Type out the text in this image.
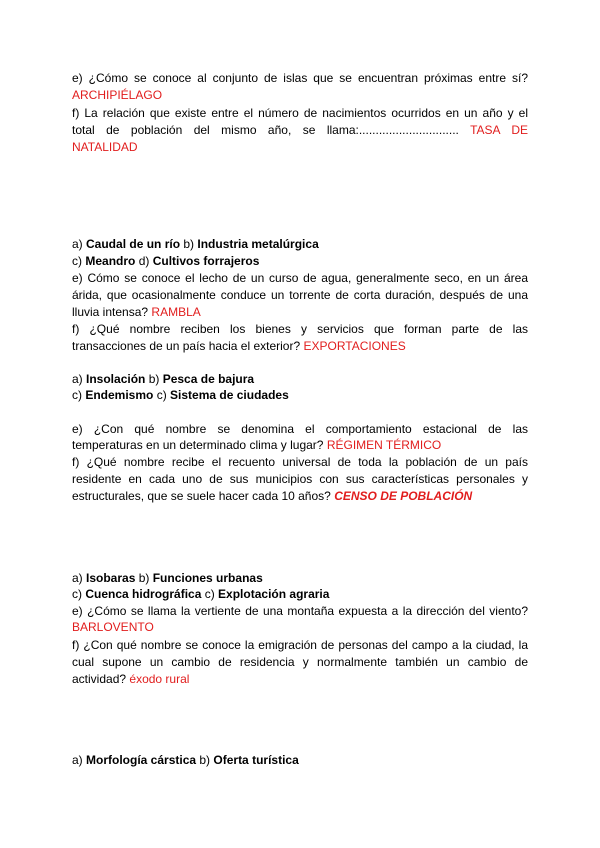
e) ¿Cómo se conoce al conjunto de islas que se encuentran próximas entre sí?
ARCHIPIÉLAGO
f) La relación que existe entre el número de nacimientos ocurridos en un año y el
total de población del mismo año, se llama:.............................. TASA DE
NATALIDAD
a) Caudal de un río b) Industria metalúrgica
c) Meandro d) Cultivos forrajeros
e) Cómo se conoce el lecho de un curso de agua, generalmente seco, en un área
árida, que ocasionalmente conduce un torrente de corta duración, después de una
lluvia intensa? RAMBLA
f) ¿Qué nombre reciben los bienes y servicios que forman parte de las
transacciones de un país hacia el exterior? EXPORTACIONES
a) Insolación b) Pesca de bajura
c) Endemismo c) Sistema de ciudades
e) ¿Con qué nombre se denomina el comportamiento estacional de las
temperaturas en un determinado clima y lugar? RÉGIMEN TÉRMICO
f) ¿Qué nombre recibe el recuento universal de toda la población de un país
residente en cada uno de sus municipios con sus características personales y
estructurales, que se suele hacer cada 10 años? CENSO DE POBLACIÓN
a) Isobaras b) Funciones urbanas
c) Cuenca hidrográfica c) Explotación agraria
e) ¿Cómo se llama la vertiente de una montaña expuesta a la dirección del viento?
BARLOVENTO
f) ¿Con qué nombre se conoce la emigración de personas del campo a la ciudad, la
cual supone un cambio de residencia y normalmente también un cambio de
actividad? éxodo rural
a) Morfología cárstica b) Oferta turística
